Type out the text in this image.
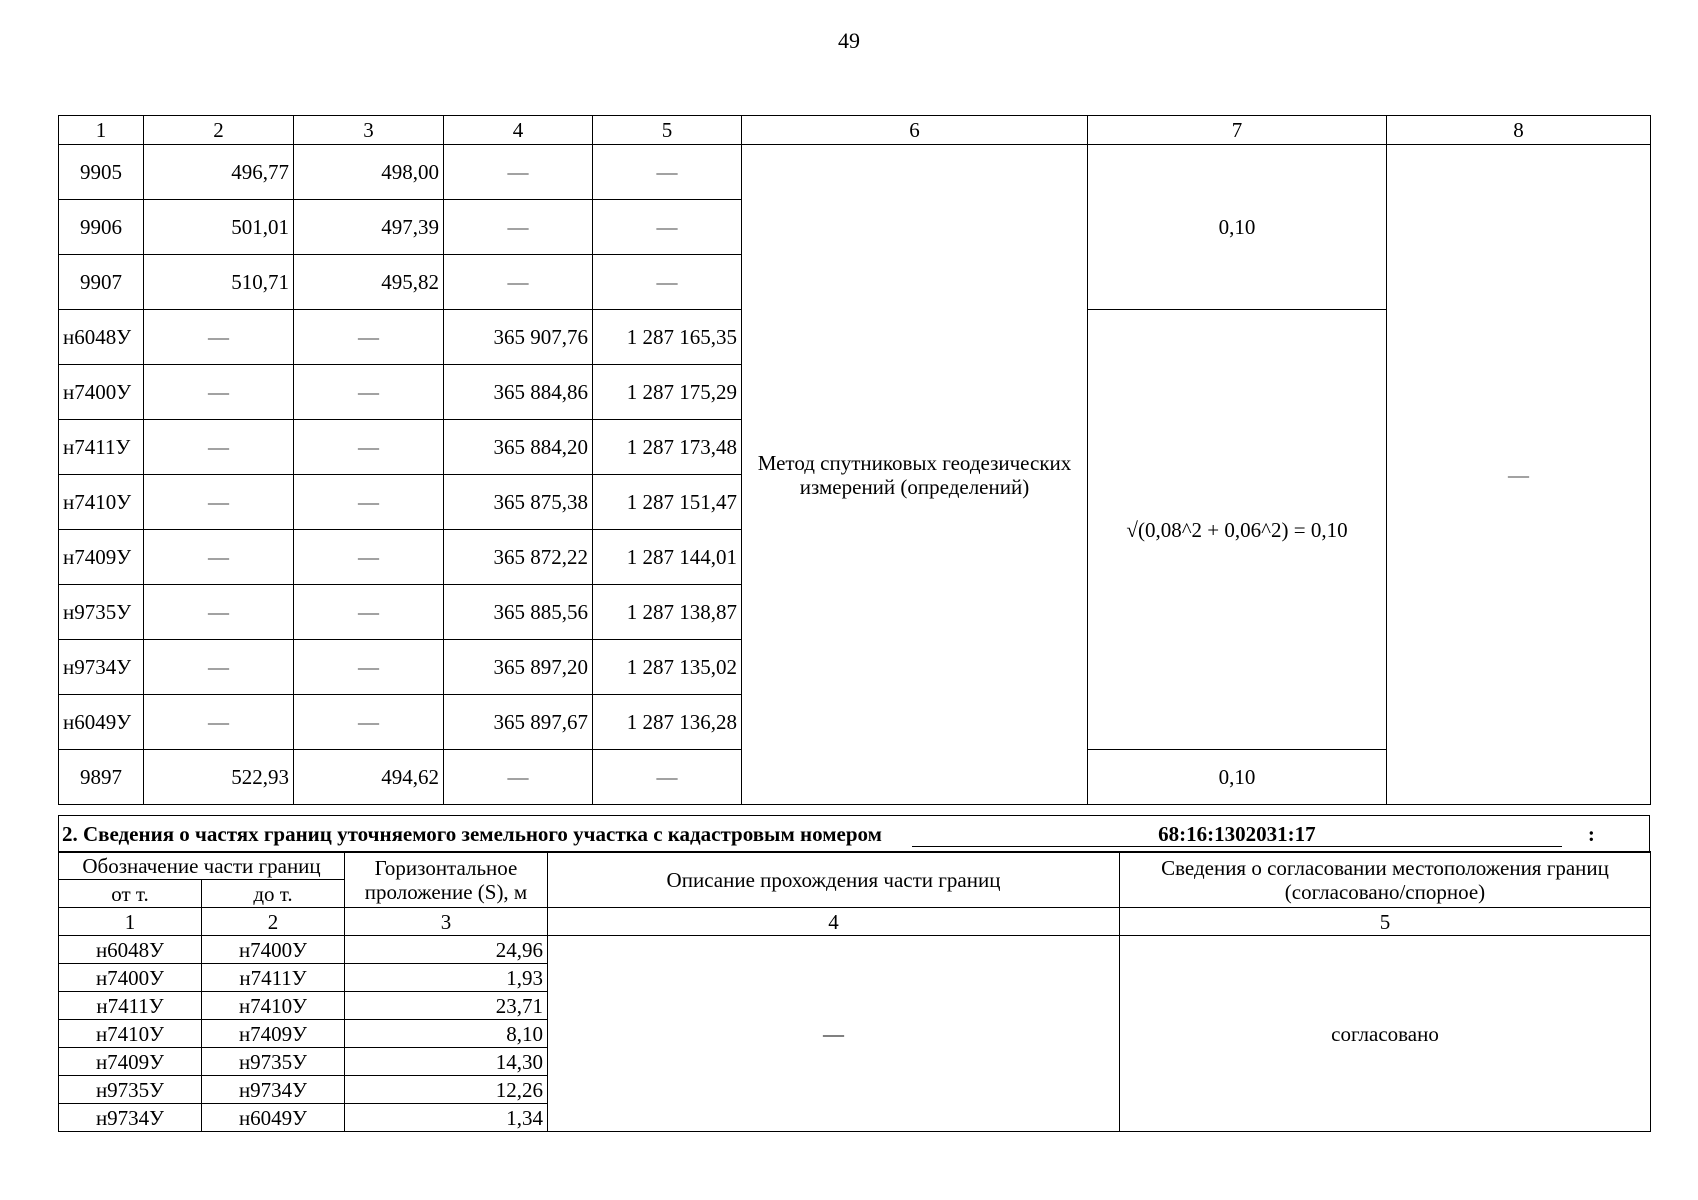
49
1	2	3	4	5	6	7	8
9905	496,77	498,00	—	—	Метод спутниковых геодезических измерений (определений)	0,10	—
9906	501,01	497,39	—	—			
9907	510,71	495,82	—	—			
н6048У	—	—	365 907,76	1 287 165,35		√(0,08^2 + 0,06^2) = 0,10	
н7400У	—	—	365 884,86	1 287 175,29			
н7411У	—	—	365 884,20	1 287 173,48			
н7410У	—	—	365 875,38	1 287 151,47			
н7409У	—	—	365 872,22	1 287 144,01			
н9735У	—	—	365 885,56	1 287 138,87			
н9734У	—	—	365 897,20	1 287 135,02			
н6049У	—	—	365 897,67	1 287 136,28			
9897	522,93	494,62	—	—		0,10	
2. Сведения о частях границ уточняемого земельного участка с кадастровым номером	68:16:1302031:17	:
Обозначение части границ		Горизонтальное проложение (S), м	Описание прохождения части границ	Сведения о согласовании местоположения границ (согласовано/спорное)
от т.	до т.			
1	2	3	4	5
н6048У	н7400У	24,96	—	согласовано
н7400У	н7411У	1,93		
н7411У	н7410У	23,71		
н7410У	н7409У	8,10		
н7409У	н9735У	14,30		
н9735У	н9734У	12,26		
н9734У	н6049У	1,34		
